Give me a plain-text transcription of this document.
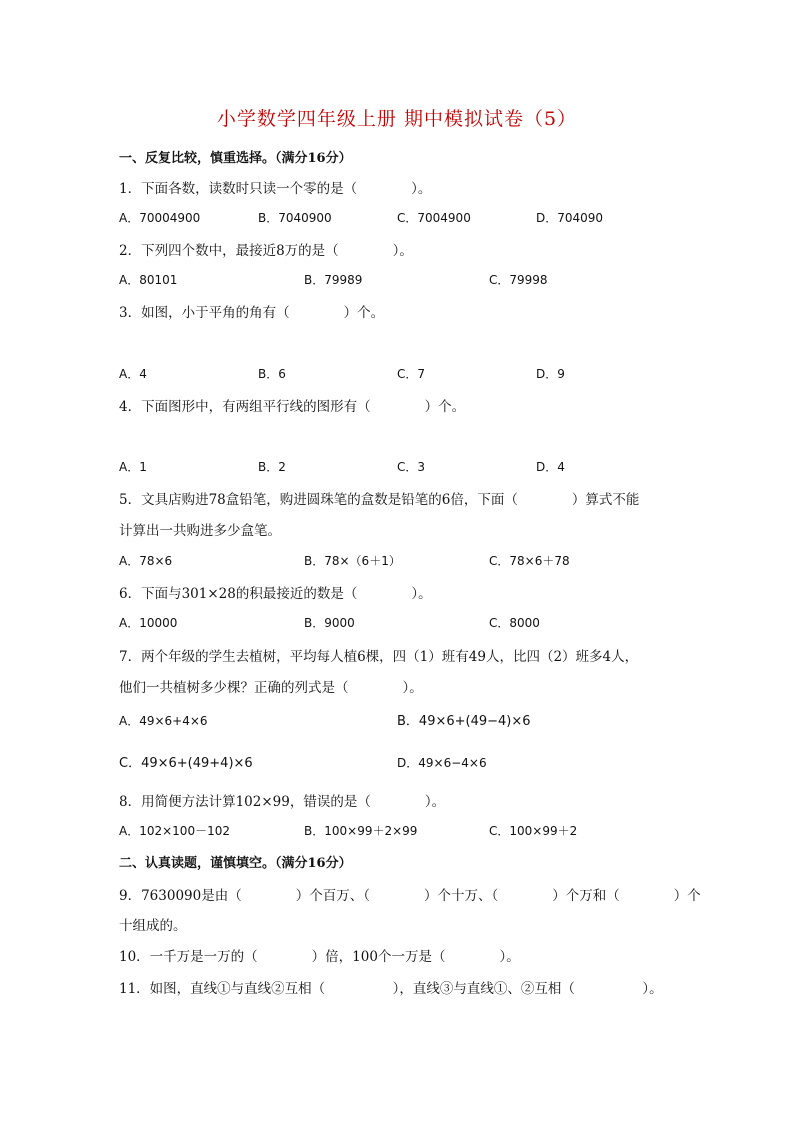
小学数学四年级上册 期中模拟试卷（5）
一、反复比较，慎重选择。（满分16分）
1．下面各数，读数时只读一个零的是（　　　　）。
A．70004900	B．7040900	C．7004900	D．704090
2．下列四个数中，最接近8万的是（　　　　）。
A．80101	B．79989	C．79998
3．如图，小于平角的角有（　　　　）个。
A．4	B．6	C．7	D．9
4．下面图形中，有两组平行线的图形有（　　　　）个。
A．1	B．2	C．3	D．4
5．文具店购进78盒铅笔，购进圆珠笔的盒数是铅笔的6倍，下面（　　　　）算式不能
计算出一共购进多少盒笔。
A．78×6	B．78×（6＋1）	C．78×6＋78
6．下面与301×28的积最接近的数是（　　　　）。
A．10000	B．9000	C．8000
7．两个年级的学生去植树，平均每人植6棵，四（1）班有49人，比四（2）班多4人，
他们一共植树多少棵？正确的列式是（　　　　）。
A．49×6+4×6	B．49×6+(49−4)×6
C．49×6+(49+4)×6	D．49×6−4×6
8．用简便方法计算102×99，错误的是（　　　　）。
A．102×100－102	B．100×99＋2×99	C．100×99＋2
二、认真读题，谨慎填空。（满分16分）
9．7630090是由（　　　　）个百万、（　　　　）个十万、（　　　　）个万和（　　　　）个
十组成的。
10．一千万是一万的（　　　　）倍，100个一万是（　　　　）。
11．如图，直线①与直线②互相（　　　　　），直线③与直线①、②互相（　　　　　）。
